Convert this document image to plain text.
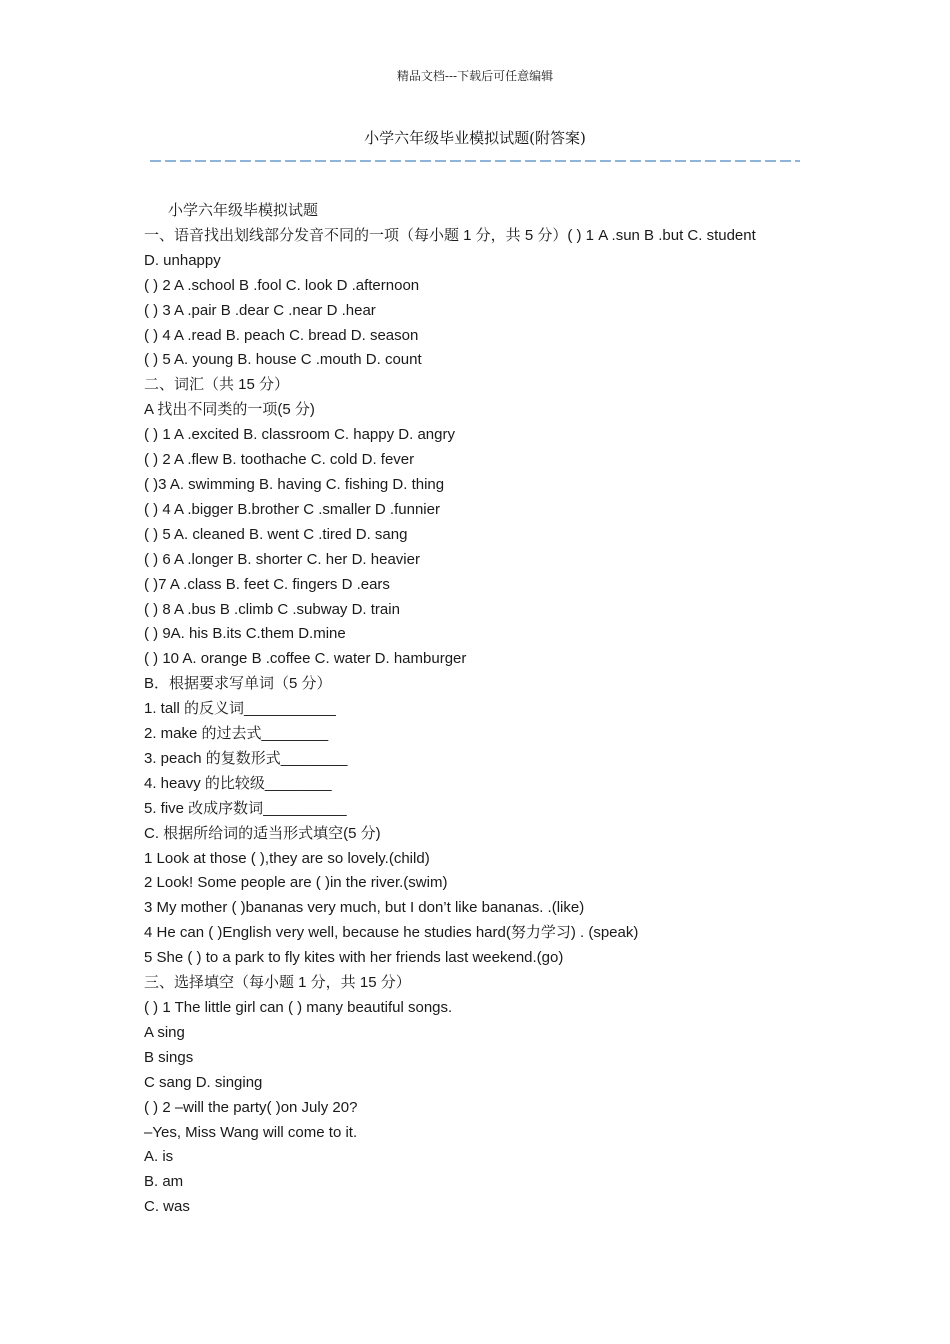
精品文档---下载后可任意编辑
小学六年级毕业模拟试题(附答案)

小学六年级毕模拟试题

一、语音找出划线部分发音不同的一项（每小题 1 分，共 5 分）( ) 1 A .sun B .but C. student

D. unhappy

( ) 2 A .school B .fool C. look D .afternoon

( ) 3 A .pair B .dear C .near D .hear

( ) 4 A .read B. peach C. bread D. season

( ) 5 A. young B. house C .mouth D. count

二、词汇（共 15 分）

A 找出不同类的一项(5 分)

( ) 1 A .excited B. classroom C. happy D. angry

( ) 2 A .flew B. toothache C. cold D. fever

( )3 A. swimming B. having C. fishing D. thing

( ) 4 A .bigger B.brother C .smaller D .funnier

( ) 5 A. cleaned B. went C .tired D. sang

( ) 6 A .longer B. shorter C. her D. heavier

( )7 A .class B. feet C. fingers D .ears

( ) 8 A .bus B .climb C .subway D. train

( ) 9A. his B.its C.them D.mine

( ) 10 A. orange B .coffee C. water D. hamburger

B．根据要求写单词（5 分）

1. tall 的反义词___________

2. make 的过去式________

3. peach 的复数形式________

4. heavy 的比较级________

5. five 改成序数词__________

C. 根据所给词的适当形式填空(5 分)

1 Look at those ( ),they are so lovely.(child)

2 Look! Some people are ( )in the river.(swim)

3 My mother ( )bananas very much, but I don’t like bananas. .(like)

4 He can ( )English very well, because he studies hard(努力学习) . (speak)

5 She ( ) to a park to fly kites with her friends last weekend.(go)

三、选择填空（每小题 1 分，共 15 分）

( ) 1 The little girl can ( ) many beautiful songs.

A sing

B sings

C sang D. singing

( ) 2 –will the party( )on July 20?

–Yes, Miss Wang will come to it.

A. is

B. am

C. was
